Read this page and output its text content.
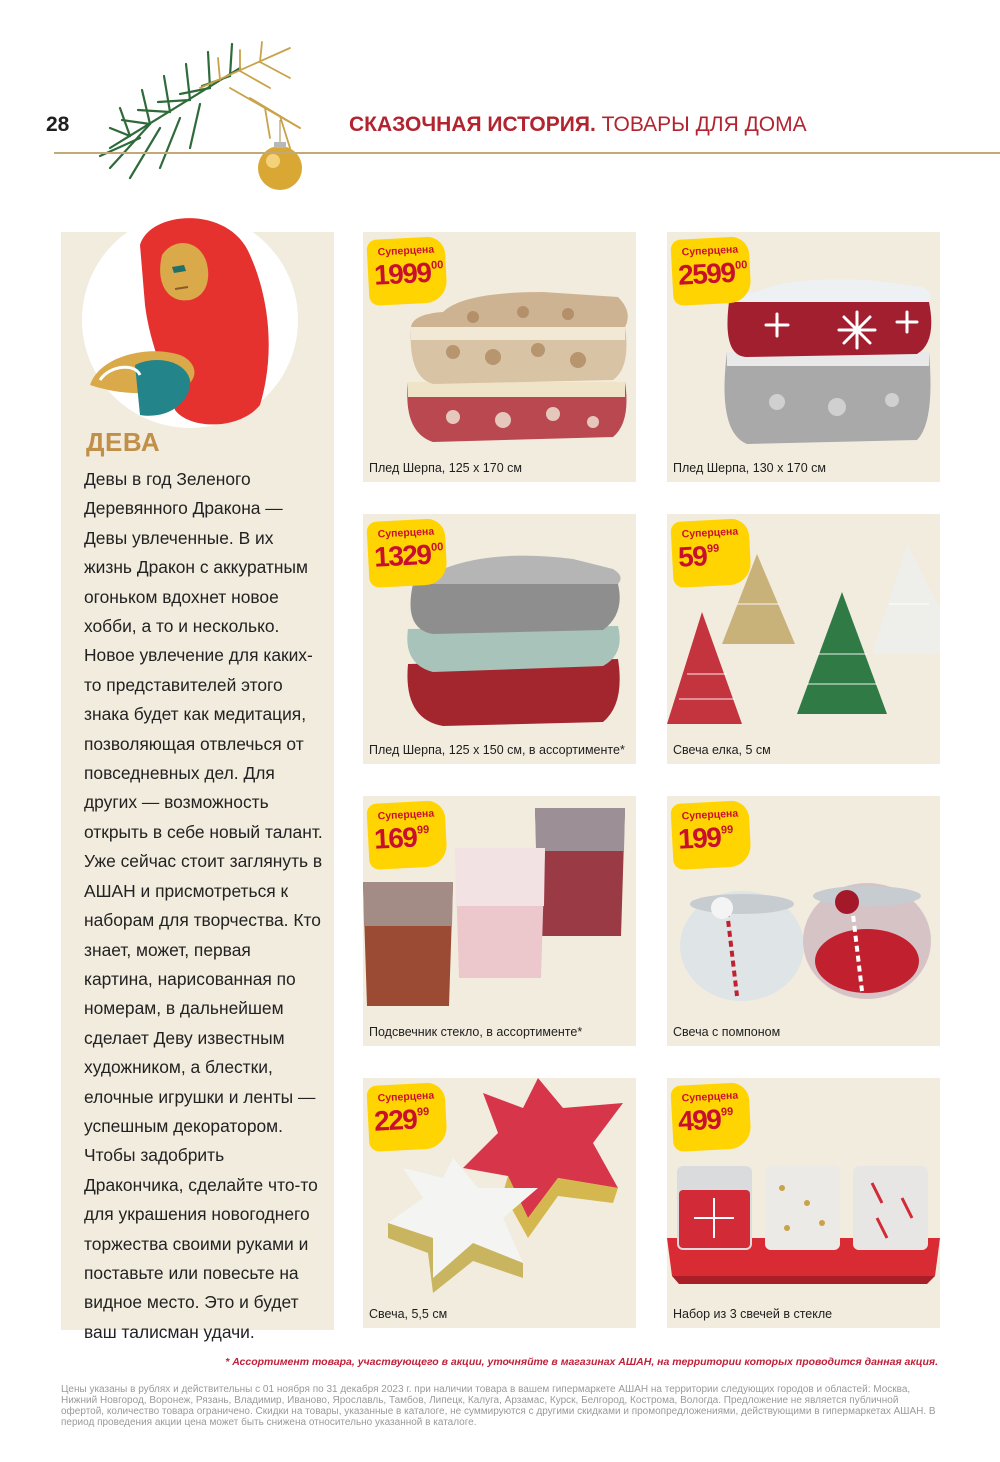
28	СКАЗОЧНАЯ ИСТОРИЯ. ТОВАРЫ ДЛЯ ДОМА
ДЕВА

Девы в год Зеленого Деревянного Дракона — Девы увлеченные. В их жизнь Дракон с аккуратным огоньком вдохнет новое хобби, а то и несколько. Новое увлечение для каких-то представителей этого знака будет как медитация, позволяющая отвлечься от повседневных дел. Для других — возможность открыть в себе новый талант. Уже сейчас стоит заглянуть в АШАН и присмотреться к наборам для творчества. Кто знает, может, первая картина, нарисованная по номерам, в дальнейшем сделает Деву известным художником, а блестки, елочные игрушки и ленты — успешным декоратором. Чтобы задобрить Дракончика, сделайте что-то для украшения новогоднего торжества своими руками и поставьте или повесьте на видное место. Это и будет ваш талисман удачи.

Суперцена
1999$^{00}$
Плед Шерпа, 125 х 170 см
Суперцена
2599$^{00}$
Плед Шерпа, 130 х 170 см
Суперцена
1329$^{00}$
Плед Шерпа, 125 х 150 см, в ассортименте*
Суперцена
$59^{99}$
Свеча елка, 5 см
Суперцена
$169^{99}$
Подсвечник стекло, в ассортименте*
Суперцена
$199^{99}$
Свеча с помпоном
Суперцена
$229^{99}$
Свеча, 5,5 см
Суперцена
$499^{99}$
Набор из 3 свечей в стекле
* Ассортимент товара, участвующего в акции, уточняйте в магазинах АШАН, на территории которых проводится данная акция.
Цены указаны в рублях и действительны с 01 ноября по 31 декабря 2023 г. при наличии товара в вашем гипермаркете АШАН на территории следующих городов и областей: Москва, Нижний Новгород, Воронеж, Рязань, Владимир, Иваново, Ярославль, Тамбов, Липецк, Калуга, Арзамас, Курск, Белгород, Кострома, Вологда. Предложение не является публичной офертой, количество товара ограничено. Скидки на товары, указанные в каталоге, не суммируются с другими скидками и промопредложениями, действующими в гипермаркетах АШАН. В период проведения акции цена может быть снижена относительно указанной в каталоге.
